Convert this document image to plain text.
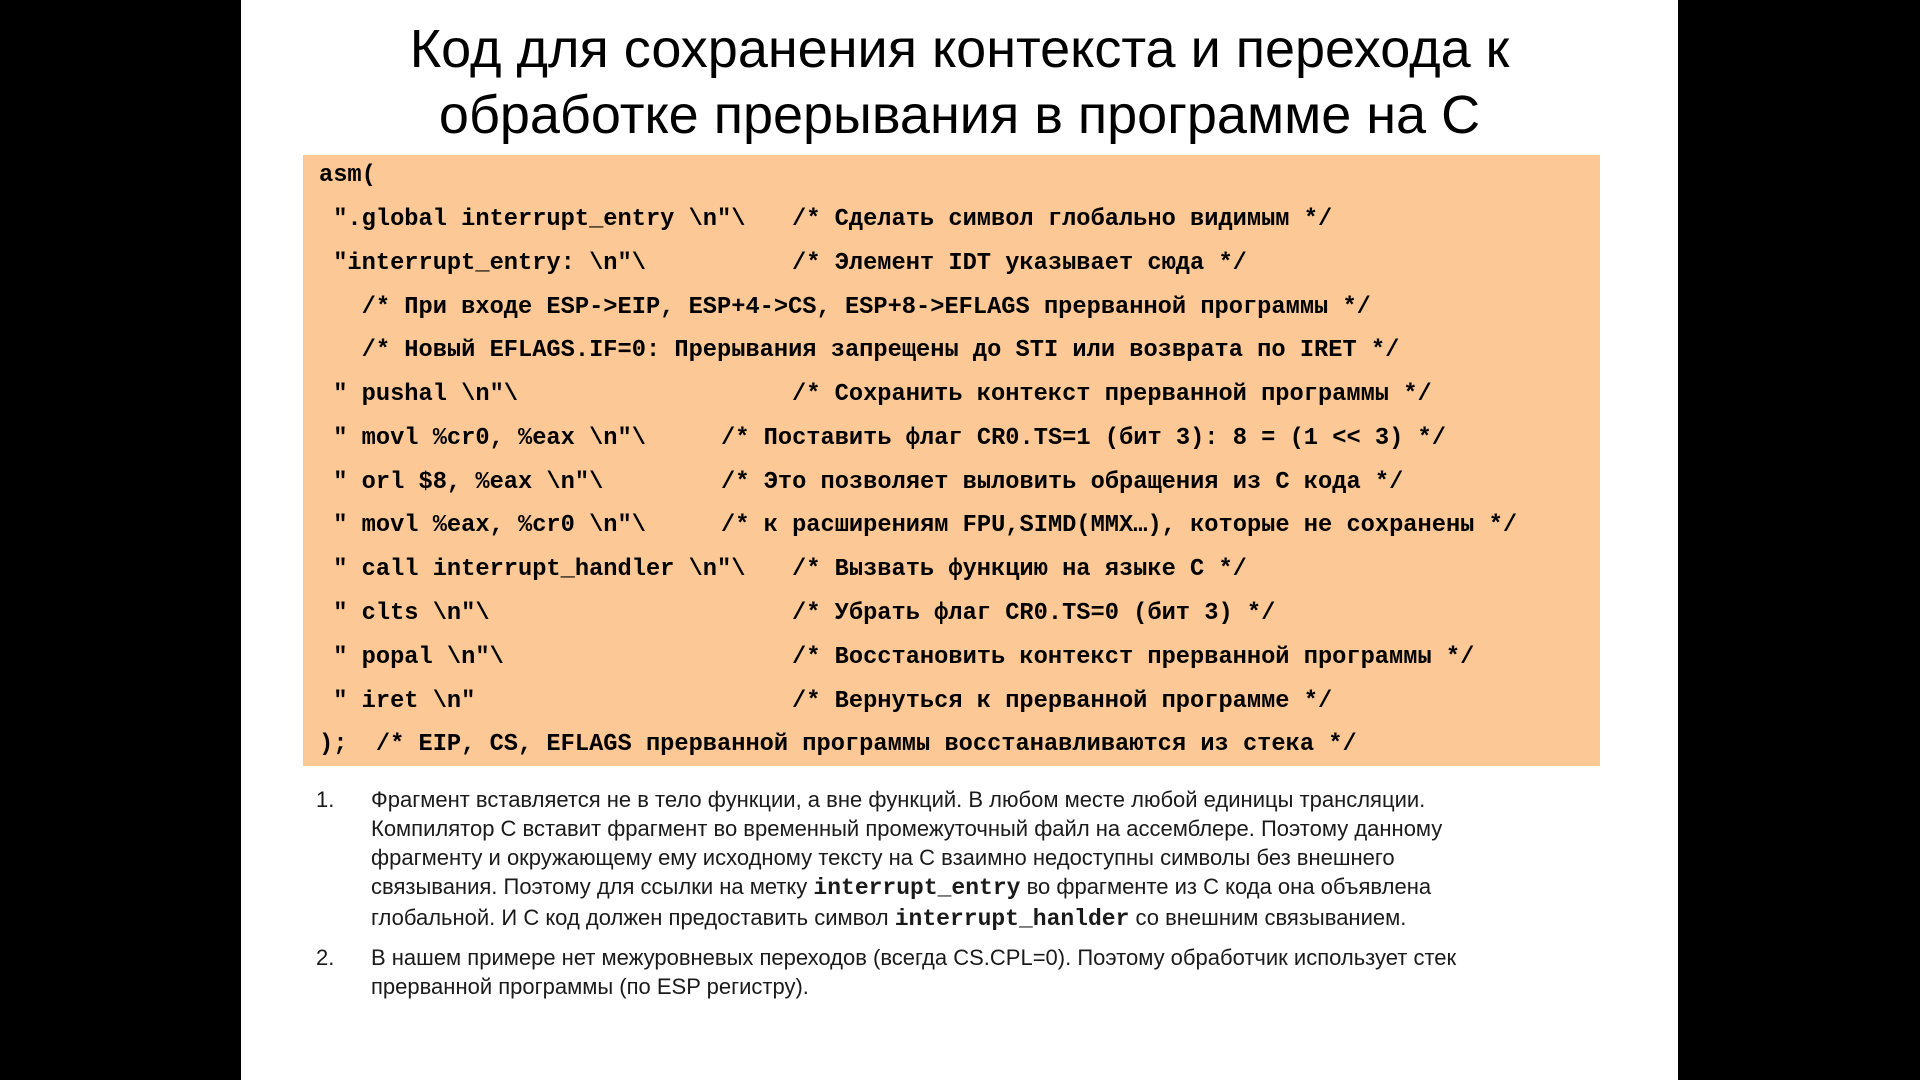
Код для сохранения контекста и перехода к
обработке прерывания в программе на С

asm(

".global interrupt_entry \n"\

/* Сделать символ глобально видимым */

"interrupt_entry: \n"\

	/* Элемент IDT указывает сюда */

/* При входе ESP->EIP, ESP+4->CS, ESP+8->EFLAGS прерванной программы */

/* Новый EFLAGS.IF=0: Прерывания запрещены до STI или возврата по IRET */

" pushal \n"\

	/* Сохранить контекст прерванной программы */

" movl %cr0, %eax \n"\

	/* Поставить флаг CR0.TS=1 (бит 3): 8 = (1 << 3) */

" orl $8, %eax \n"\

	/* Это позволяет выловить обращения из С кода */

" movl %eax, %cr0 \n"\

	/* к расширениям FPU,SIMD(MMX…), которые не сохранены */

" call interrupt_handler \n"\

/* Вызвать функцию на языке С */

" clts \n"\

	/* Убрать флаг CR0.TS=0 (бит 3) */

" popal \n"\

	/* Восстановить контекст прерванной программы */

" iret \n"

	/* Вернуться к прерванной программе */

);  /* EIP, CS, EFLAGS прерванной программы восстанавливаются из стека */

1. Фрагмент вставляется не в тело функции, а вне функций. В любом месте любой единицы трансляции.
Компилятор С вставит фрагмент во временный промежуточный файл на ассемблере. Поэтому данному
фрагменту и окружающему ему исходному тексту на С взаимно недоступны символы без внешнего
связывания. Поэтому для ссылки на метку interrupt_entry во фрагменте из С кода она объявлена
глобальной. И С код должен предоставить символ interrupt_hanlder со внешним связыванием.
2. В нашем примере нет межуровневых переходов (всегда CS.CPL=0). Поэтому обработчик использует стек
прерванной программы (по ESP регистру).
